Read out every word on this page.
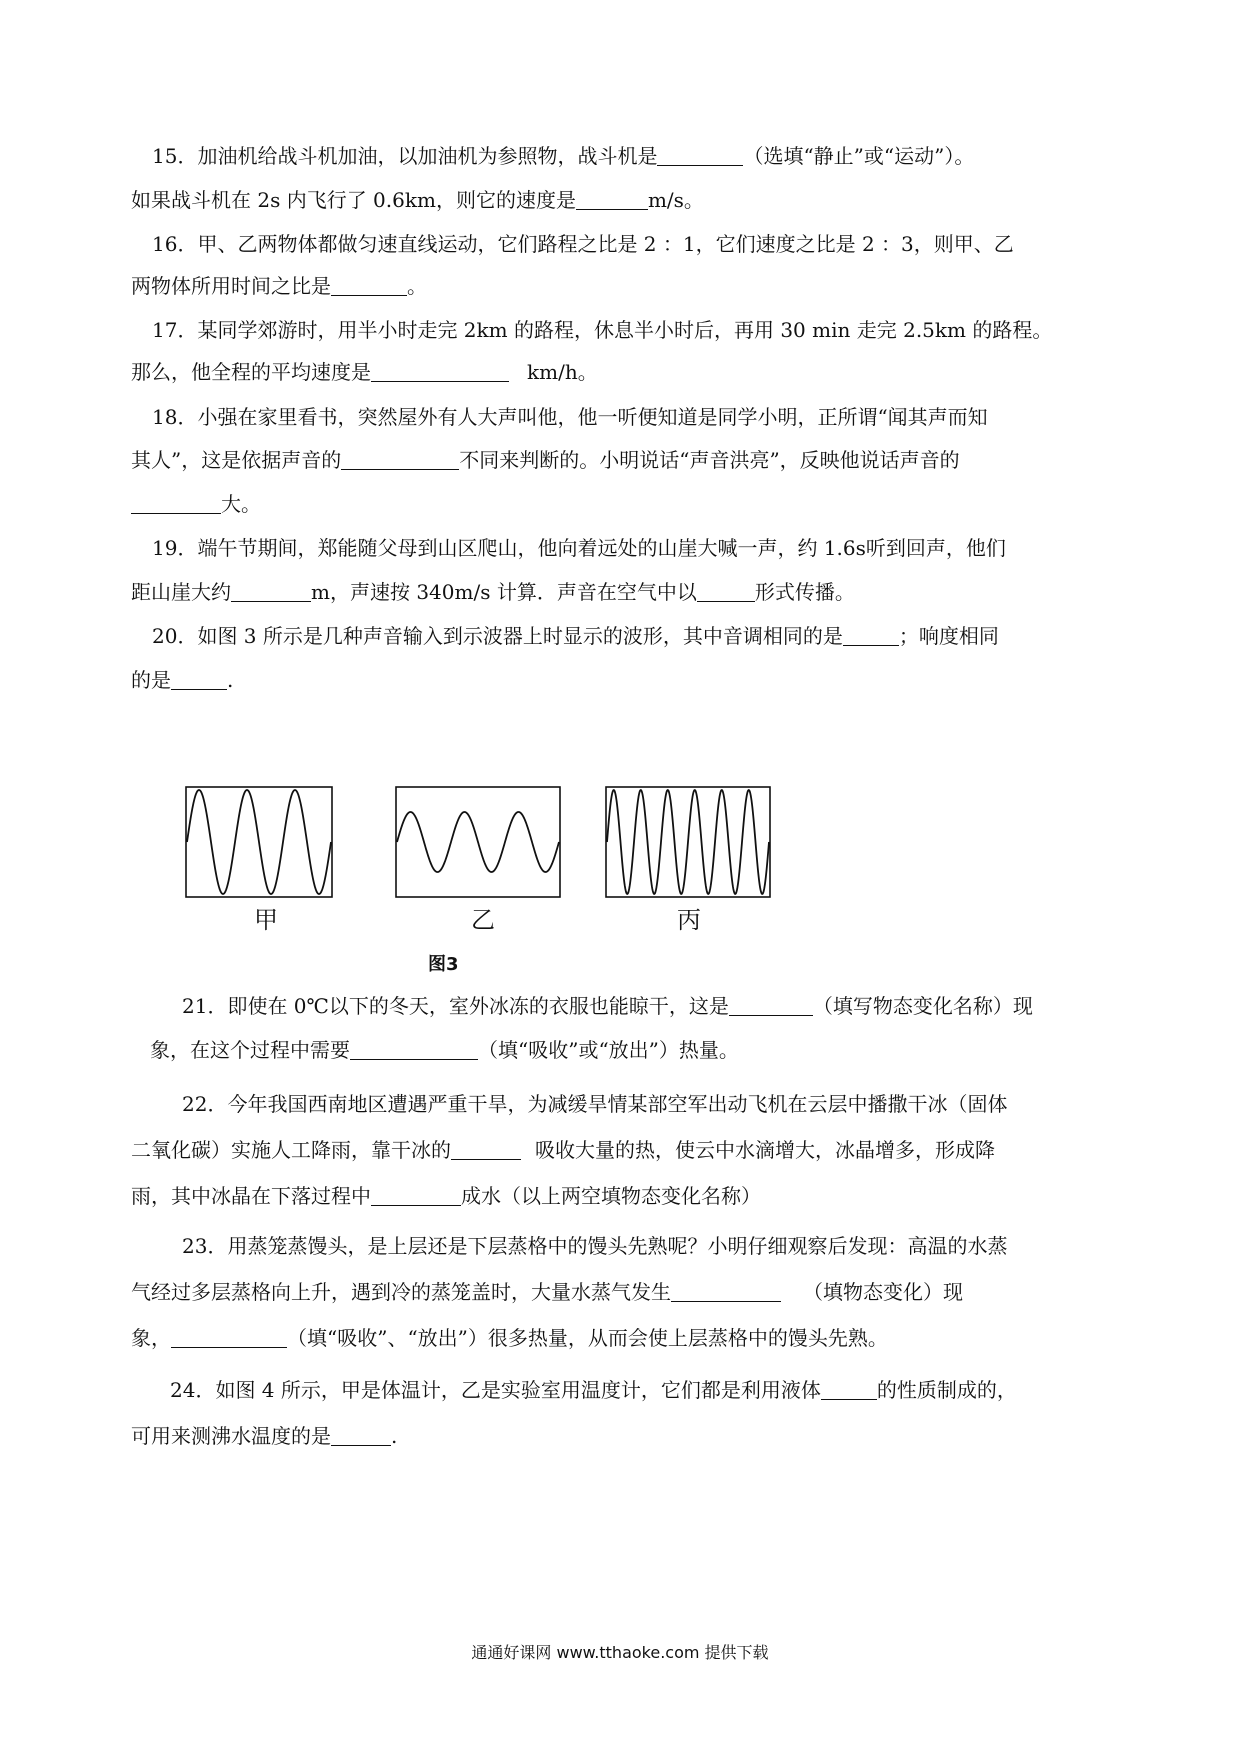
15．加油机给战斗机加油，以加油机为参照物，战斗机是	（选填“静止”或“运动”）。
如果战斗机在 2s 内飞行了 0.6km，则它的速度是	m/s。
16．甲、乙两物体都做匀速直线运动，它们路程之比是 2 ：1，它们速度之比是 2 ：3，则甲、乙
两物体所用时间之比是	。
17．某同学郊游时，用半小时走完 2km 的路程，休息半小时后，再用 30 min 走完 2.5km 的路程。
那么，他全程的平均速度是	km/h。
18．小强在家里看书，突然屋外有人大声叫他，他一听便知道是同学小明，正所谓“闻其声而知
其人”，这是依据声音的	不同来判断的。小明说话“声音洪亮”，反映他说话声音的
大。
19．端午节期间，郑能随父母到山区爬山，他向着远处的山崖大喊一声，约 1.6s听到回声，他们
距山崖大约	m，声速按 340m/s 计算．声音在空气中以	形式传播。
20．如图 3 所示是几种声音输入到示波器上时显示的波形，其中音调相同的是	；响度相同
的是	.
甲	乙	丙
图3
21．即使在 0℃以下的冬天，室外冰冻的衣服也能晾干，这是	（填写物态变化名称）现
象，在这个过程中需要	（填“吸收”或“放出”）热量。
22．今年我国西南地区遭遇严重干旱，为减缓旱情某部空军出动飞机在云层中播撒干冰（固体
二氧化碳）实施人工降雨，靠干冰的	吸收大量的热，使云中水滴增大，冰晶增多，形成降
雨，其中冰晶在下落过程中	成水（以上两空填物态变化名称）
23．用蒸笼蒸馒头，是上层还是下层蒸格中的馒头先熟呢？小明仔细观察后发现：高温的水蒸
气经过多层蒸格向上升，遇到冷的蒸笼盖时，大量水蒸气发生	（填物态变化）现
象，	（填“吸收”、“放出”）很多热量，从而会使上层蒸格中的馒头先熟。
24．如图 4 所示，甲是体温计，乙是实验室用温度计，它们都是利用液体	的性质制成的，
可用来测沸水温度的是	.
通通好课网 www.tthaoke.com 提供下载
